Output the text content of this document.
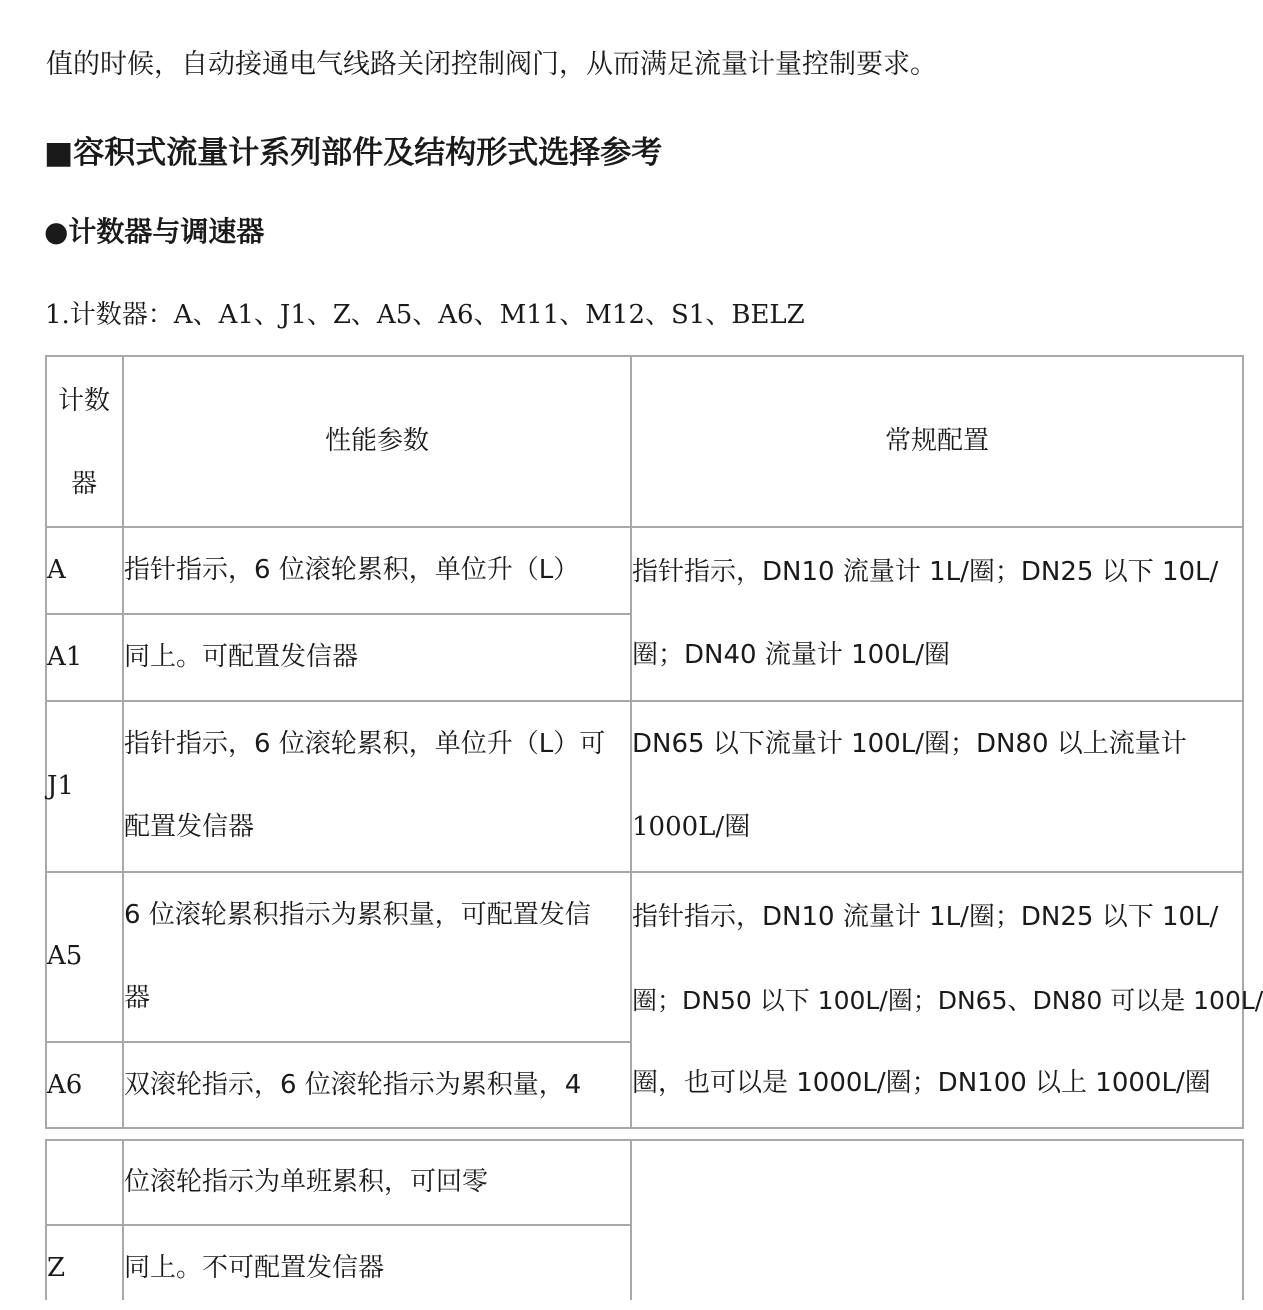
值的时候，自动接通电气线路关闭控制阀门，从而满足流量计量控制要求。
■容积式流量计系列部件及结构形式选择参考
●计数器与调速器
1.计数器：A、A1、J1、Z、A5、A6、M11、M12、S1、BELZ
计数
器
性能参数	常规配置
A 指针指示，6 位滚轮累积，单位升（L）
A1 同上。可配置发信器
指针指示，DN10 流量计 1L/圈；DN25 以下 10L/
圈；DN40 流量计 100L/圈
J1
指针指示，6 位滚轮累积，单位升（L）可
配置发信器
DN65 以下流量计 100L/圈；DN80 以上流量计
1000L/圈
A5
6 位滚轮累积指示为累积量，可配置发信
器
A6 双滚轮指示，6 位滚轮指示为累积量，4
指针指示，DN10 流量计 1L/圈；DN25 以下 10L/
圈；DN50 以下 100L/圈；DN65、DN80 可以是 100L/
圈，也可以是 1000L/圈；DN100 以上 1000L/圈
位滚轮指示为单班累积，可回零
Z 同上。不可配置发信器
